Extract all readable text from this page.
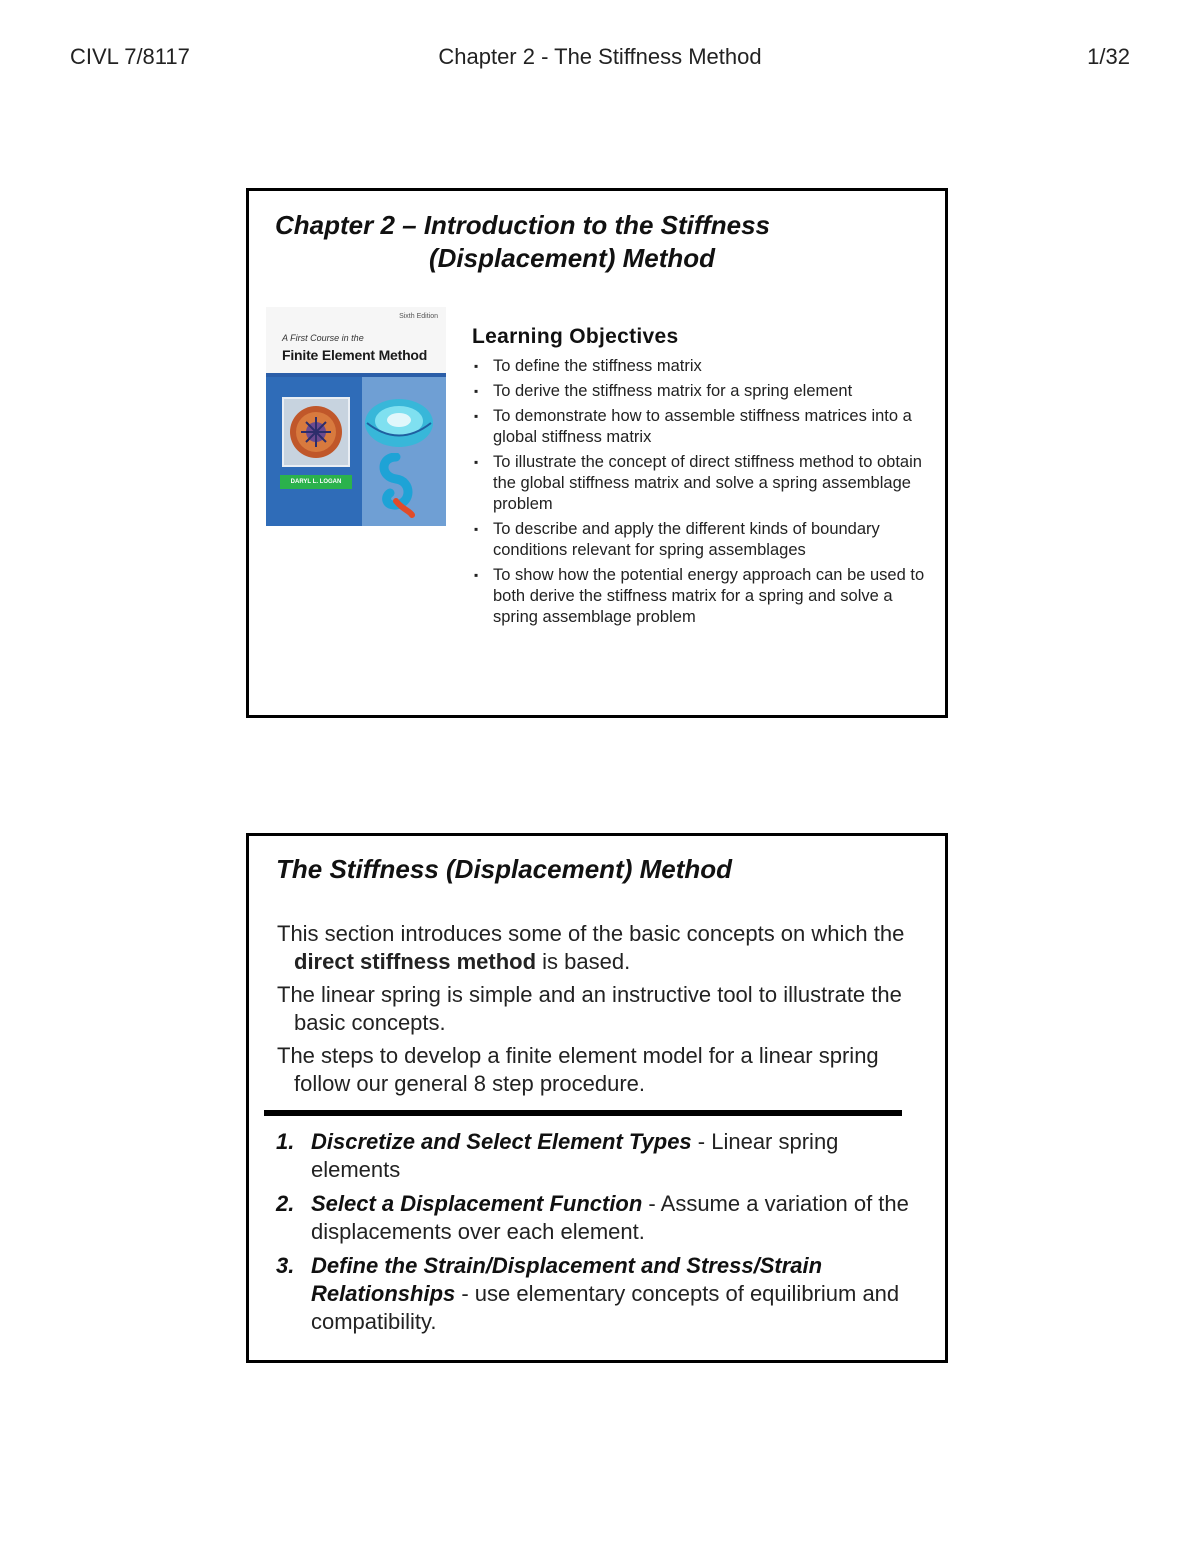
CIVL 7/8117	Chapter 2 - The Stiffness Method	1/32
Chapter 2 – Introduction to the Stiffness
(Displacement) Method
Sixth Edition
A First Course in the
Finite Element Method
DARYL L. LOGAN
Learning Objectives
▪ To define the stiffness matrix
▪ To derive the stiffness matrix for a spring element
▪ To demonstrate how to assemble stiffness matrices into a global stiffness matrix
▪ To illustrate the concept of direct stiffness method to obtain the global stiffness matrix and solve a spring assemblage problem
▪ To describe and apply the different kinds of boundary conditions relevant for spring assemblages
▪ To show how the potential energy approach can be used to both derive the stiffness matrix for a spring and solve a spring assemblage problem
The Stiffness (Displacement) Method

This section introduces some of the basic concepts on which the direct stiffness method is based.

The linear spring is simple and an instructive tool to illustrate the basic concepts.

The steps to develop a finite element model for a linear spring follow our general 8 step procedure.

1. Discretize and Select Element Types - Linear spring elements
2. Select a Displacement Function - Assume a variation of the displacements over each element.
3. Define the Strain/Displacement and Stress/Strain Relationships - use elementary concepts of equilibrium and compatibility.
